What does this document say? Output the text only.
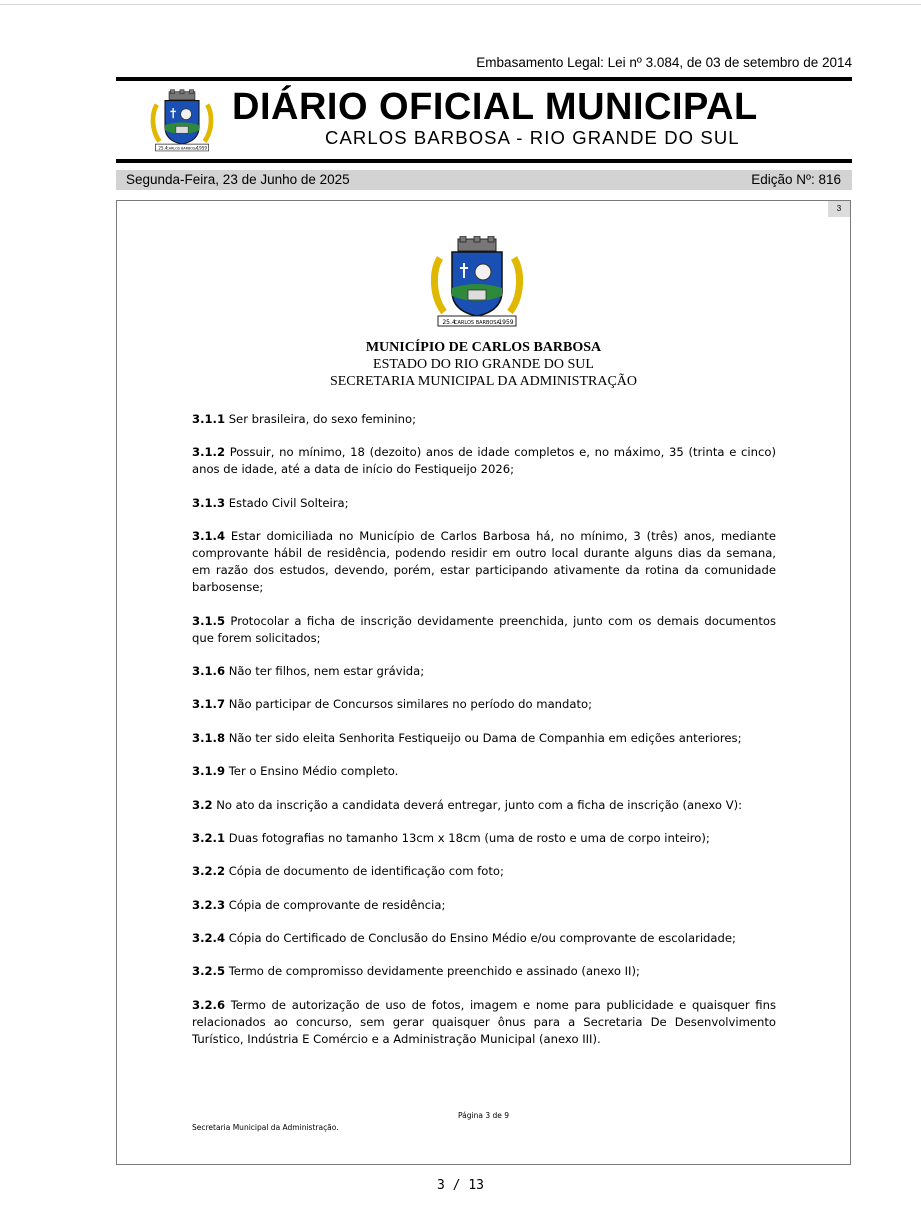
Embasamento Legal: Lei nº 3.084, de 03 de setembro de 2014
25.4
CARLOS BARBOSA
1959
DIÁRIO OFICIAL MUNICIPAL
CARLOS BARBOSA - RIO GRANDE DO SUL
Segunda-Feira, 23 de Junho de 2025	Edição Nº: 816
3
25.4
CARLOS BARBOSA
1959
MUNICÍPIO DE CARLOS BARBOSA
ESTADO DO RIO GRANDE DO SUL
SECRETARIA MUNICIPAL DA ADMINISTRAÇÃO

3.1.1 Ser brasileira, do sexo feminino;

3.1.2 Possuir, no mínimo, 18 (dezoito) anos de idade completos e, no máximo, 35 (trinta e cinco) anos de idade, até a data de início do Festiqueijo 2026;

3.1.3 Estado Civil Solteira;

3.1.4 Estar domiciliada no Município de Carlos Barbosa há, no mínimo, 3 (três) anos, mediante comprovante hábil de residência, podendo residir em outro local durante alguns dias da semana, em razão dos estudos, devendo, porém, estar participando ativamente da rotina da comunidade barbosense;

3.1.5 Protocolar a ficha de inscrição devidamente preenchida, junto com os demais documentos que forem solicitados;

3.1.6 Não ter filhos, nem estar grávida;

3.1.7 Não participar de Concursos similares no período do mandato;

3.1.8 Não ter sido eleita Senhorita Festiqueijo ou Dama de Companhia em edições anteriores;

3.1.9 Ter o Ensino Médio completo.

3.2 No ato da inscrição a candidata deverá entregar, junto com a ficha de inscrição (anexo V):

3.2.1 Duas fotografias no tamanho 13cm x 18cm (uma de rosto e uma de corpo inteiro);

3.2.2 Cópia de documento de identificação com foto;

3.2.3 Cópia de comprovante de residência;

3.2.4 Cópia do Certificado de Conclusão do Ensino Médio e/ou comprovante de escolaridade;

3.2.5 Termo de compromisso devidamente preenchido e assinado (anexo II);

3.2.6 Termo de autorização de uso de fotos, imagem e nome para publicidade e quaisquer fins relacionados ao concurso, sem gerar quaisquer ônus para a Secretaria De Desenvolvimento Turístico, Indústria E Comércio e a Administração Municipal (anexo III).

Página 3 de 9
Secretaria Municipal da Administração.
3 / 13
